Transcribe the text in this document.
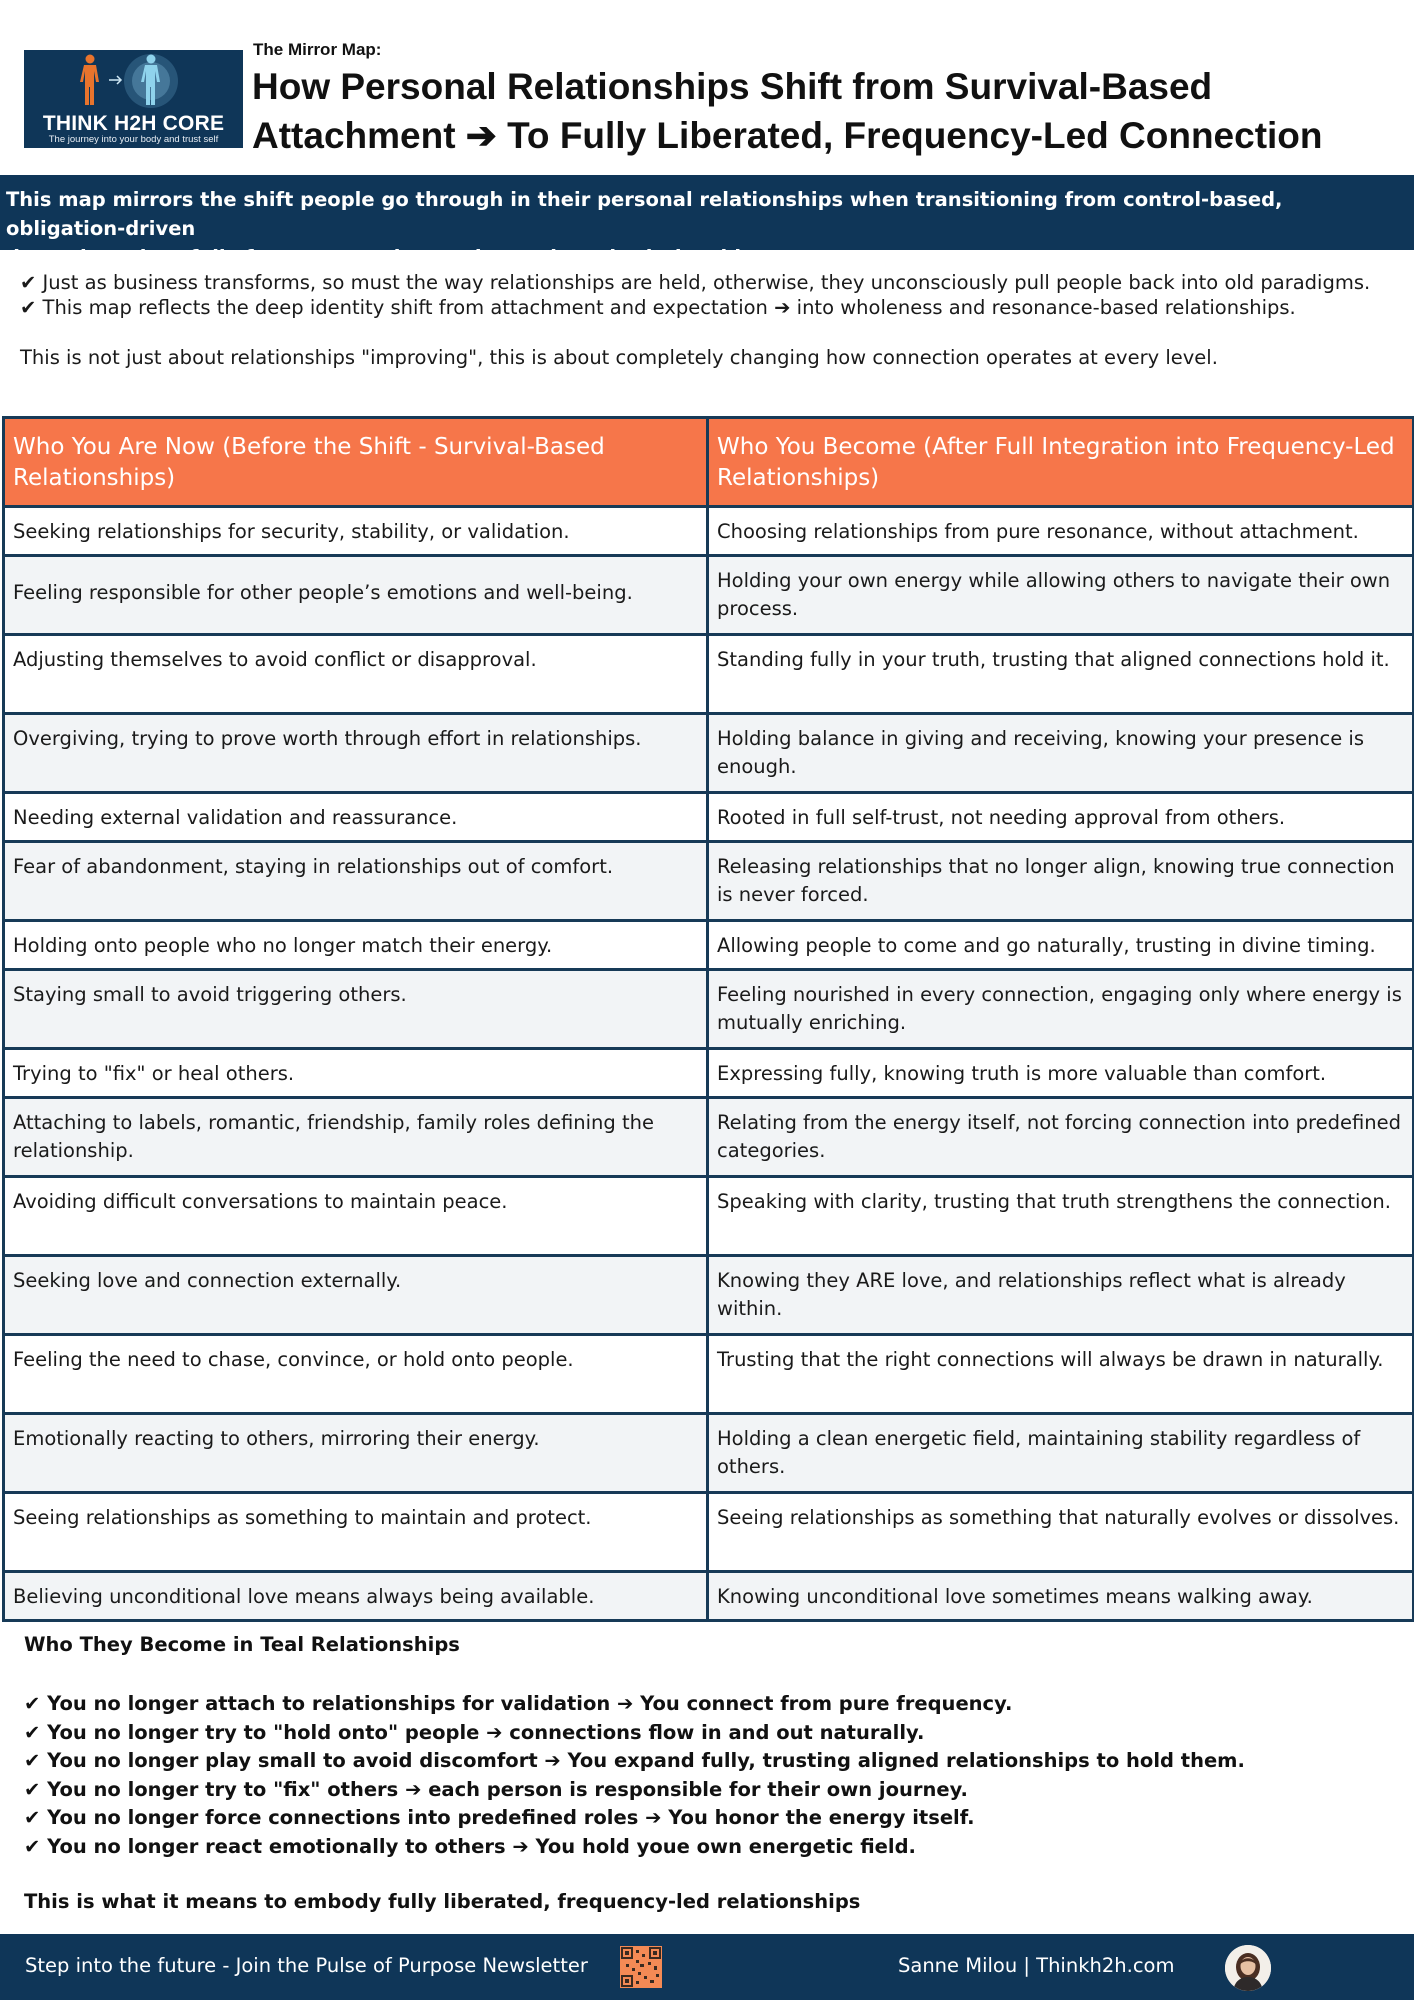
THINK H2H CORE
The journey into your body and trust self
The Mirror Map:
How Personal Relationships Shift from Survival-Based
Attachment ➔ To Fully Liberated, Frequency-Led Connection
This map mirrors the shift people go through in their personal relationships when transitioning from control-based, obligation-driven
dynamics ➔ into fully free, co-creative, and trust-based relationships.

✔ Just as business transforms, so must the way relationships are held, otherwise, they unconsciously pull people back into old paradigms.

✔ This map reflects the deep identity shift from attachment and expectation ➔ into wholeness and resonance-based relationships.

This is not just about relationships "improving", this is about completely changing how connection operates at every level.

Who You Are Now (Before the Shift - Survival-Based Relationships)	Who You Become (After Full Integration into Frequency-Led Relationships)
Seeking relationships for security, stability, or validation.	Choosing relationships from pure resonance, without attachment.
Feeling responsible for other people’s emotions and well-being.	Holding your own energy while allowing others to navigate their own process.
Adjusting themselves to avoid conflict or disapproval.	Standing fully in your truth, trusting that aligned connections hold it.
Overgiving, trying to prove worth through effort in relationships.	Holding balance in giving and receiving, knowing your presence is enough.
Needing external validation and reassurance.	Rooted in full self-trust, not needing approval from others.
Fear of abandonment, staying in relationships out of comfort.	Releasing relationships that no longer align, knowing true connection is never forced.
Holding onto people who no longer match their energy.	Allowing people to come and go naturally, trusting in divine timing.
Staying small to avoid triggering others.	Feeling nourished in every connection, engaging only where energy is mutually enriching.
Trying to "fix" or heal others.	Expressing fully, knowing truth is more valuable than comfort.
Attaching to labels, romantic, friendship, family roles defining the relationship.	Relating from the energy itself, not forcing connection into predefined categories.
Avoiding difficult conversations to maintain peace.	Speaking with clarity, trusting that truth strengthens the connection.
Seeking love and connection externally.	Knowing they ARE love, and relationships reflect what is already within.
Feeling the need to chase, convince, or hold onto people.	Trusting that the right connections will always be drawn in naturally.
Emotionally reacting to others, mirroring their energy.	Holding a clean energetic field, maintaining stability regardless of others.
Seeing relationships as something to maintain and protect.	Seeing relationships as something that naturally evolves or dissolves.
Believing unconditional love means always being available.	Knowing unconditional love sometimes means walking away.
Who They Become in Teal Relationships
✔ You no longer attach to relationships for validation ➔ You connect from pure frequency.
✔ You no longer try to "hold onto" people ➔ connections flow in and out naturally.
✔ You no longer play small to avoid discomfort ➔ You expand fully, trusting aligned relationships to hold them.
✔ You no longer try to "fix" others ➔ each person is responsible for their own journey.
✔ You no longer force connections into predefined roles ➔ You honor the energy itself.
✔ You no longer react emotionally to others ➔ You hold youe own energetic field.
This is what it means to embody fully liberated, frequency-led relationships
Step into the future - Join the Pulse of Purpose Newsletter	Sanne Milou | Thinkh2h.com
